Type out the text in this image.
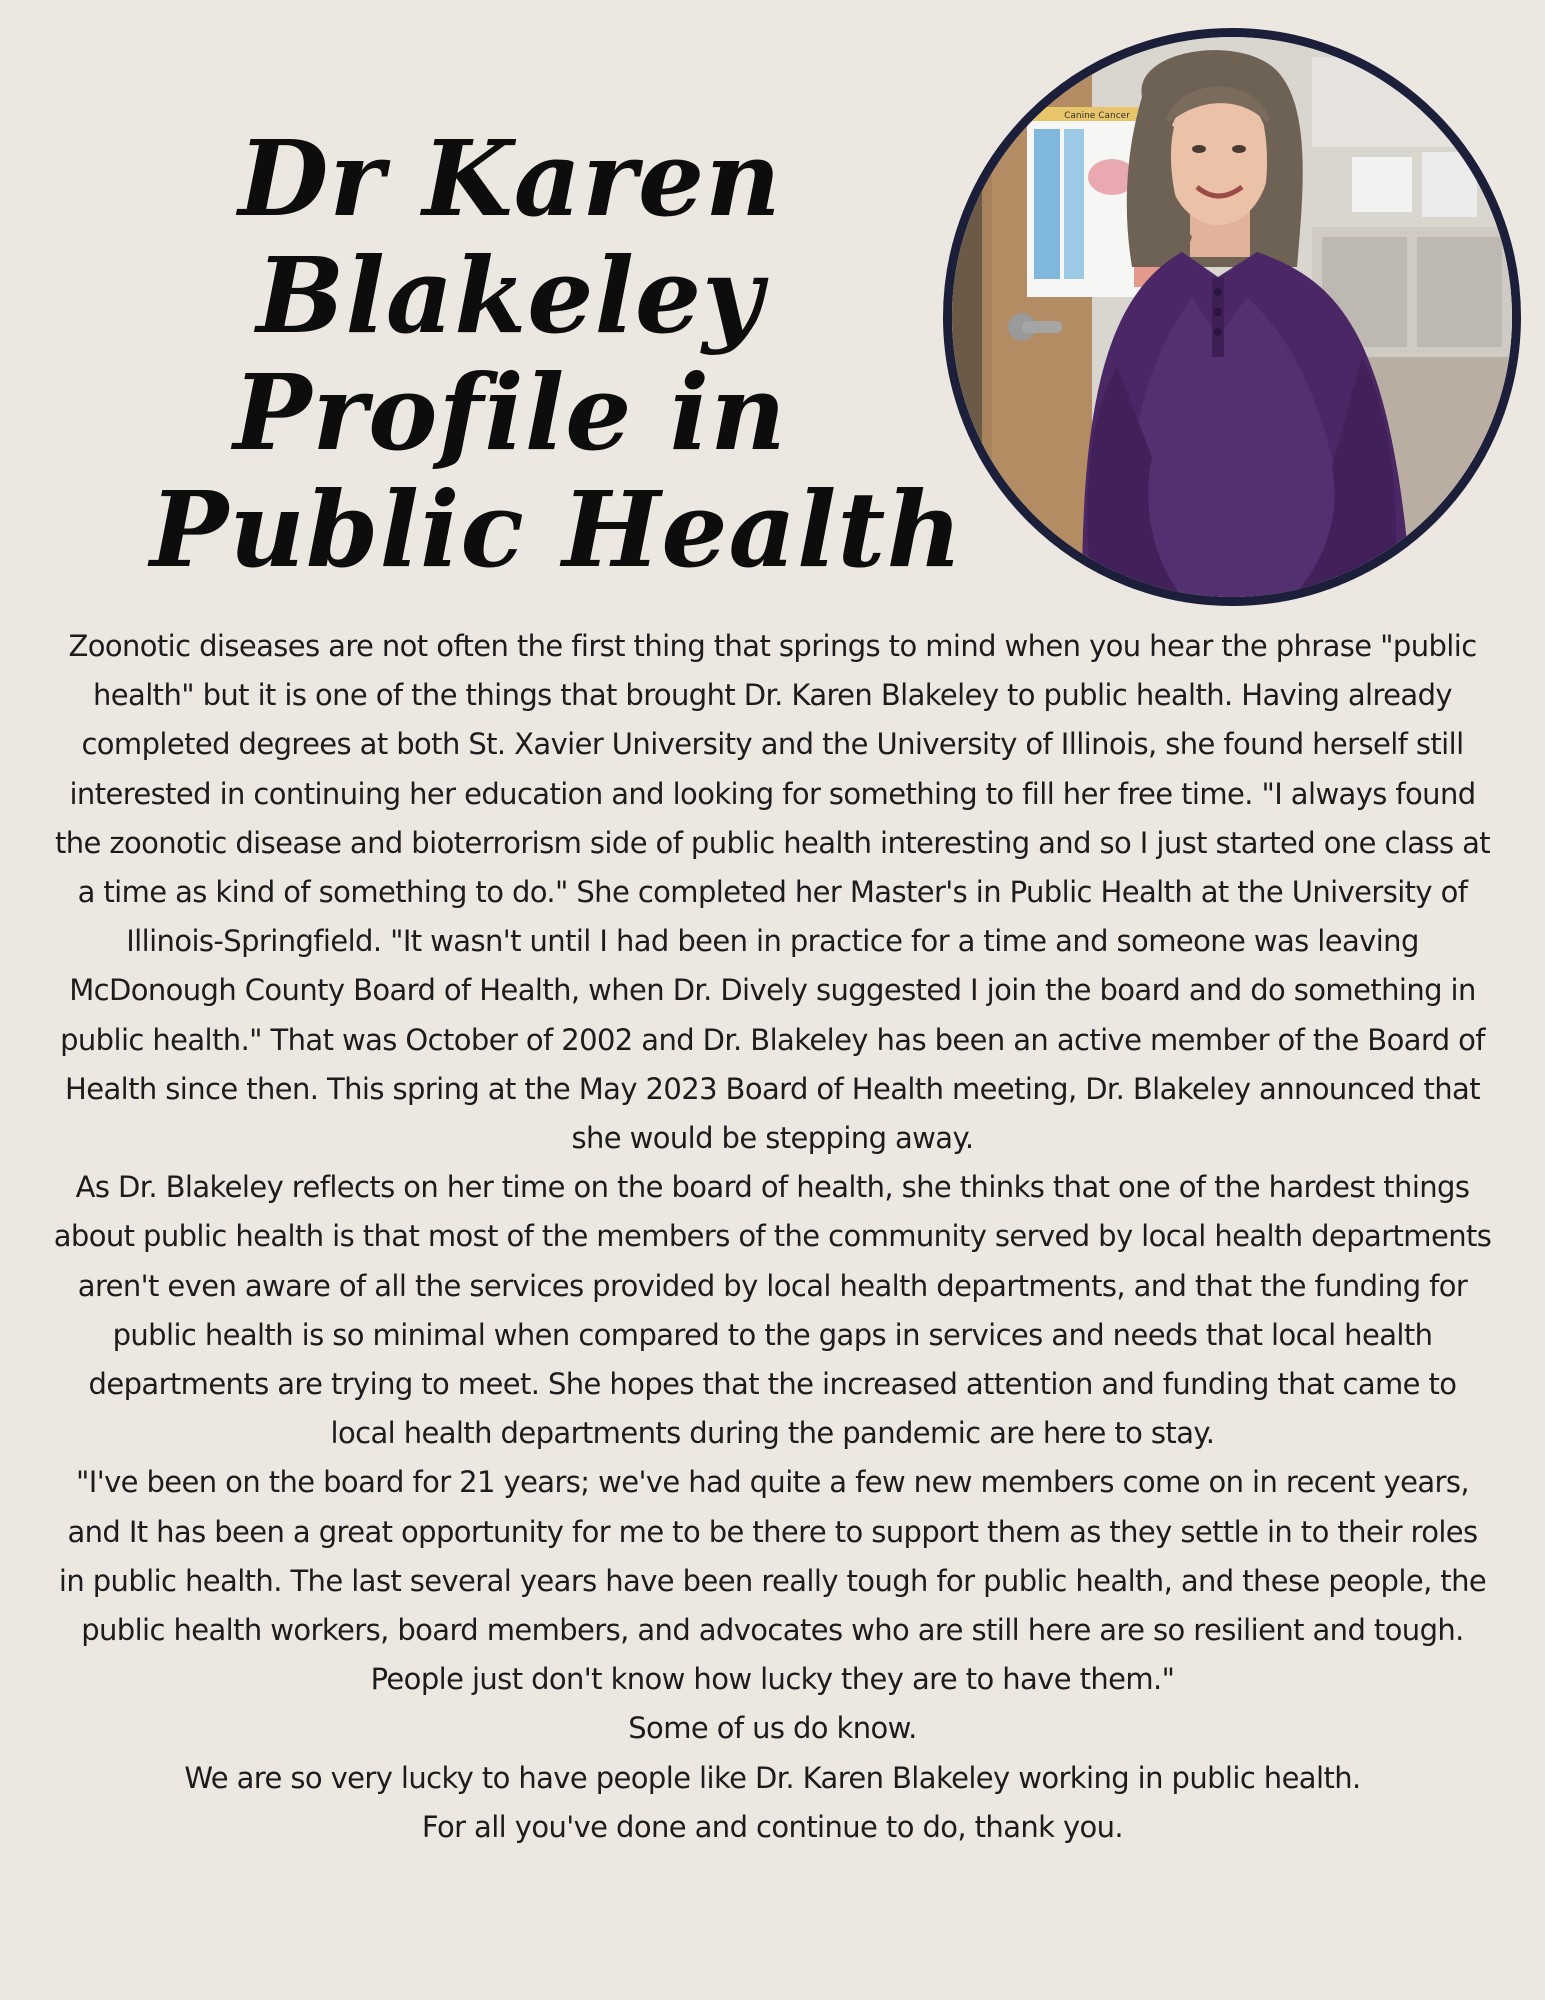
Dr Karen
Blakeley
Profile in
Public Health
Canine Cancer

Zoonotic diseases are not often the first thing that springs to mind when you hear the phrase "public health" but it is one of the things that brought Dr. Karen Blakeley to public health. Having already completed degrees at both St. Xavier University and the University of Illinois, she found herself still interested in continuing her education and looking for something to fill her free time. "I always found the zoonotic disease and bioterrorism side of public health interesting and so I just started one class at a time as kind of something to do." She completed her Master's in Public Health at the University of Illinois-Springfield. "It wasn't until I had been in practice for a time and someone was leaving McDonough County Board of Health, when Dr. Dively suggested I join the board and do something in public health." That was October of 2002 and Dr. Blakeley has been an active member of the Board of Health since then. This spring at the May 2023 Board of Health meeting, Dr. Blakeley announced that she would be stepping away.

As Dr. Blakeley reflects on her time on the board of health, she thinks that one of the hardest things about public health is that most of the members of the community served by local health departments aren't even aware of all the services provided by local health departments, and that the funding for public health is so minimal when compared to the gaps in services and needs that local health departments are trying to meet. She hopes that the increased attention and funding that came to local health departments during the pandemic are here to stay.

"I've been on the board for 21 years; we've had quite a few new members come on in recent years, and It has been a great opportunity for me to be there to support them as they settle in to their roles in public health. The last several years have been really tough for public health, and these people, the public health workers, board members, and advocates who are still here are so resilient and tough. People just don't know how lucky they are to have them."

Some of us do know.

We are so very lucky to have people like Dr. Karen Blakeley working in public health.

For all you've done and continue to do, thank you.
